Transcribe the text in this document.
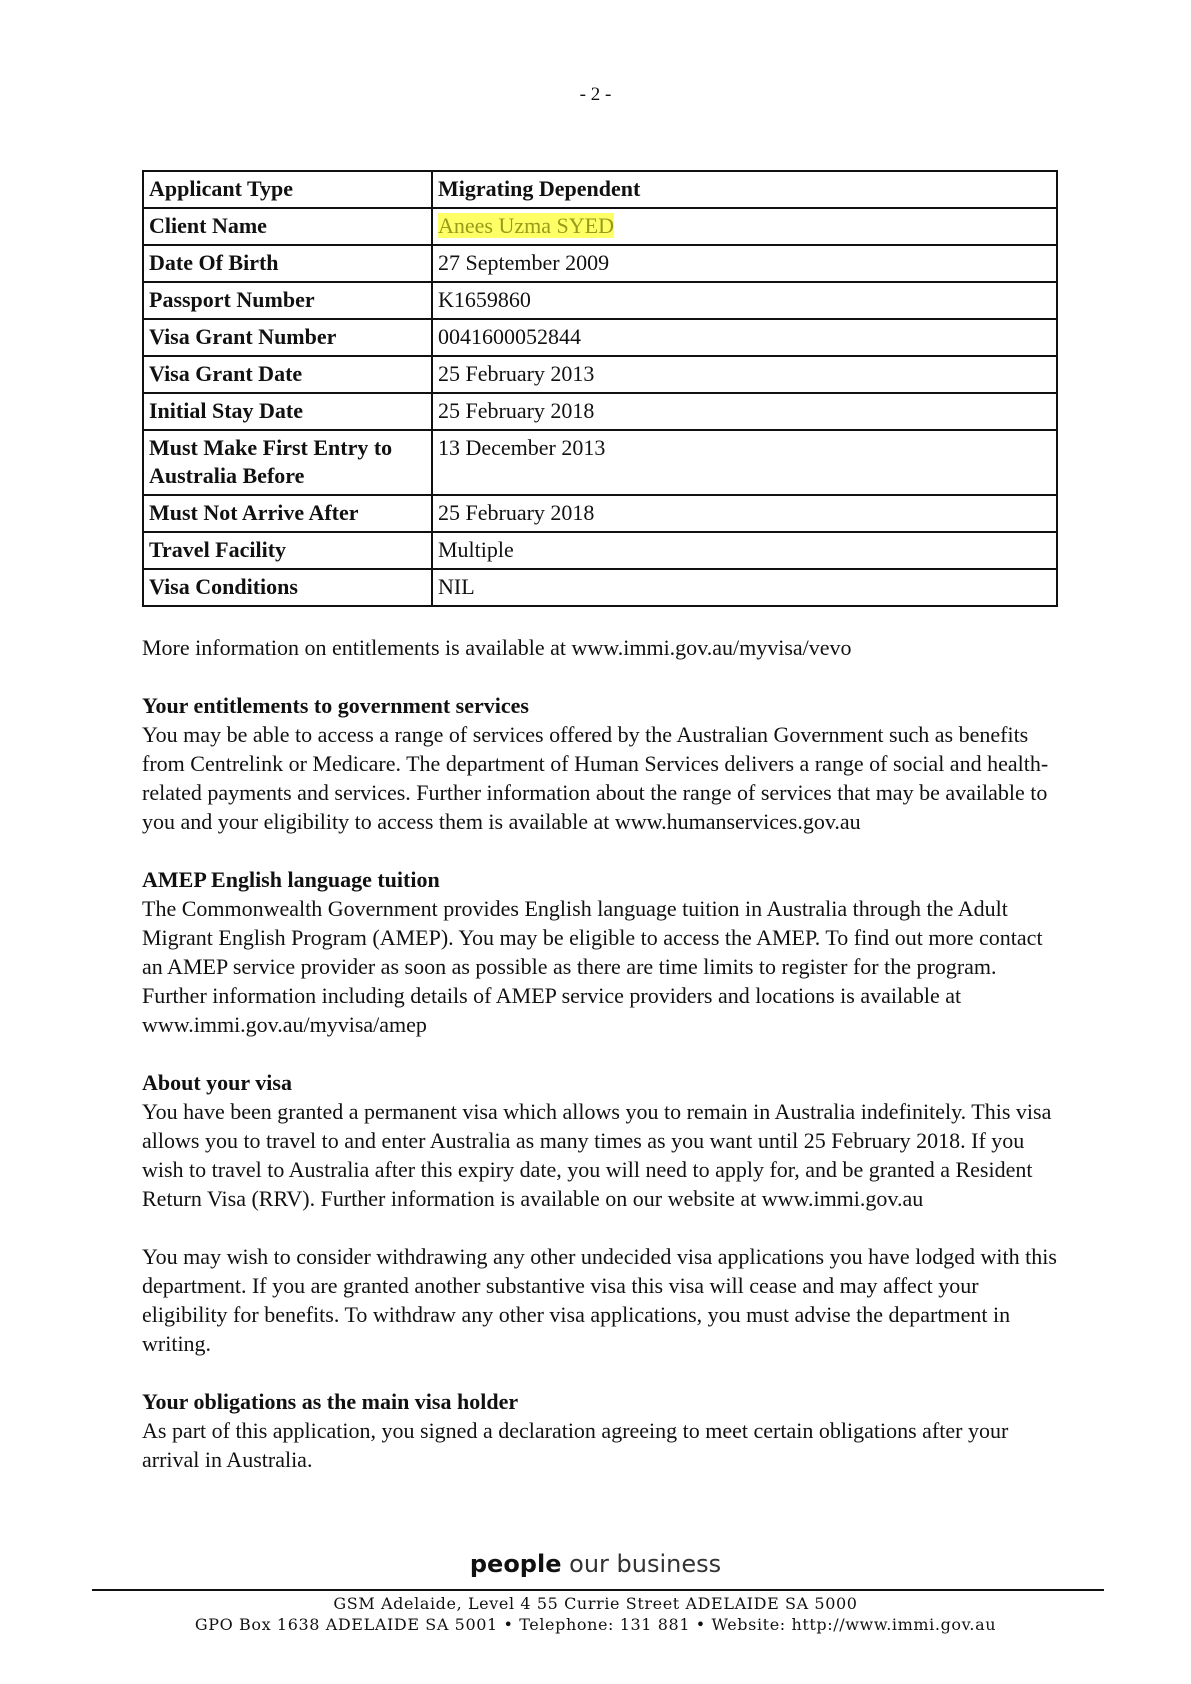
- 2 -
Applicant Type	Migrating Dependent
Client Name	Anees Uzma SYED
Date Of Birth	27 September 2009
Passport Number	K1659860
Visa Grant Number	0041600052844
Visa Grant Date	25 February 2013
Initial Stay Date	25 February 2018
Must Make First Entry to Australia Before	13 December 2013
Must Not Arrive After	25 February 2018
Travel Facility	Multiple
Visa Conditions	NIL

More information on entitlements is available at www.immi.gov.au/myvisa/vevo

Your entitlements to government services

You may be able to access a range of services offered by the Australian Government such as benefits from Centrelink or Medicare. The department of Human Services delivers a range of social and health-related payments and services. Further information about the range of services that may be available to you and your eligibility to access them is available at www.humanservices.gov.au

AMEP English language tuition

The Commonwealth Government provides English language tuition in Australia through the Adult Migrant English Program (AMEP). You may be eligible to access the AMEP. To find out more contact an AMEP service provider as soon as possible as there are time limits to register for the program. Further information including details of AMEP service providers and locations is available at www.immi.gov.au/myvisa/amep

About your visa

You have been granted a permanent visa which allows you to remain in Australia indefinitely. This visa allows you to travel to and enter Australia as many times as you want until 25 February 2018. If you wish to travel to Australia after this expiry date, you will need to apply for, and be granted a Resident Return Visa (RRV). Further information is available on our website at www.immi.gov.au

You may wish to consider withdrawing any other undecided visa applications you have lodged with this department. If you are granted another substantive visa this visa will cease and may affect your eligibility for benefits. To withdraw any other visa applications, you must advise the department in writing.

Your obligations as the main visa holder

As part of this application, you signed a declaration agreeing to meet certain obligations after your arrival in Australia.

people our business
GSM Adelaide, Level 4 55 Currie Street ADELAIDE SA 5000
GPO Box 1638 ADELAIDE SA 5001 • Telephone: 131 881 • Website: http://www.immi.gov.au
